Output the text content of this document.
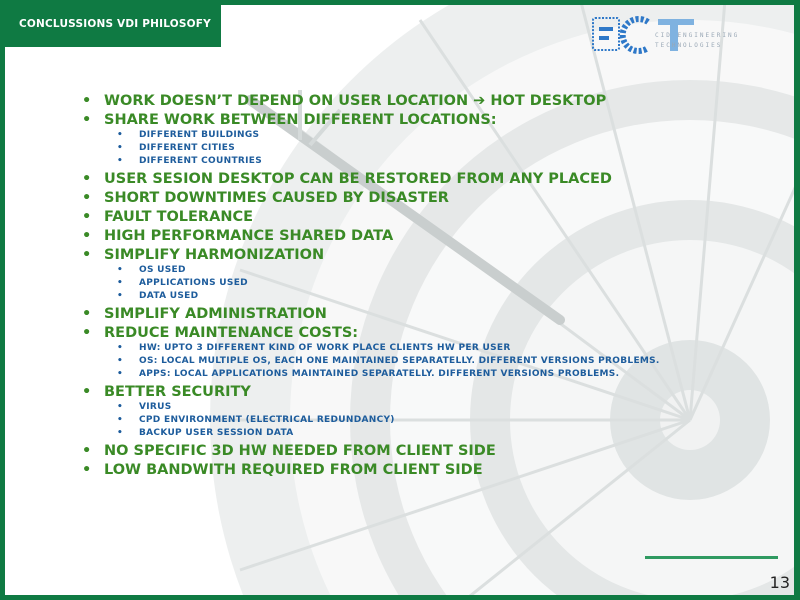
CONCLUSSIONS VDI PHILOSOFY
CID ENGINEERING
TECHNOLOGIES
• WORK DOESN’T DEPEND ON USER LOCATION ➔ HOT DESKTOP
• SHARE WORK BETWEEN DIFFERENT LOCATIONS:
• DIFFERENT BUILDINGS
• DIFFERENT CITIES
• DIFFERENT COUNTRIES
• USER SESION DESKTOP CAN BE RESTORED FROM ANY PLACED
• SHORT DOWNTIMES CAUSED BY DISASTER
• FAULT TOLERANCE
• HIGH PERFORMANCE SHARED DATA
• SIMPLIFY HARMONIZATION
• OS USED
• APPLICATIONS USED
• DATA USED
• SIMPLIFY ADMINISTRATION
• REDUCE MAINTENANCE COSTS:
• HW: UPTO 3 DIFFERENT KIND OF WORK PLACE CLIENTS HW PER USER
• OS: LOCAL MULTIPLE OS, EACH ONE MAINTAINED SEPARATELLY. DIFFERENT VERSIONS PROBLEMS.
• APPS: LOCAL APPLICATIONS MAINTAINED SEPARATELLY. DIFFERENT VERSIONS PROBLEMS.
• BETTER SECURITY
• VIRUS
• CPD ENVIRONMENT (ELECTRICAL REDUNDANCY)
• BACKUP USER SESSION DATA
• NO SPECIFIC 3D HW NEEDED FROM CLIENT SIDE
• LOW BANDWITH REQUIRED FROM CLIENT SIDE
13
